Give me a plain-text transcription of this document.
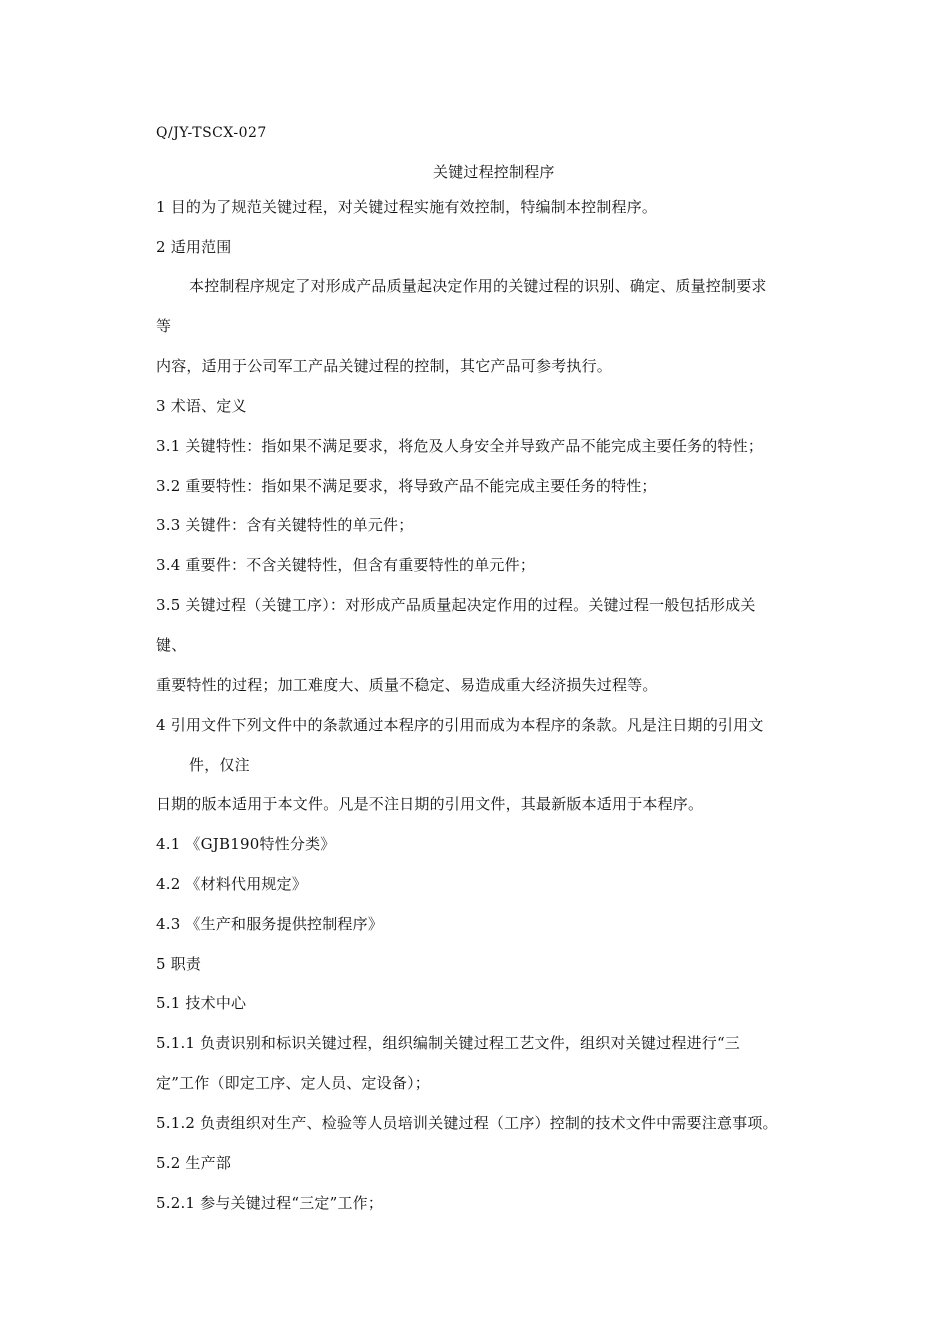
Q/JY-TSCX-027
关键过程控制程序
1 目的为了规范关键过程，对关键过程实施有效控制，特编制本控制程序。
2 适用范围
本控制程序规定了对形成产品质量起决定作用的关键过程的识别、确定、质量控制要求
等
内容，适用于公司军工产品关键过程的控制，其它产品可参考执行。
3 术语、定义
3.1 关键特性：指如果不满足要求，将危及人身安全并导致产品不能完成主要任务的特性；
3.2 重要特性：指如果不满足要求，将导致产品不能完成主要任务的特性；
3.3 关键件：含有关键特性的单元件；
3.4 重要件：不含关键特性，但含有重要特性的单元件；
3.5 关键过程（关键工序）：对形成产品质量起决定作用的过程。关键过程一般包括形成关
键、
重要特性的过程；加工难度大、质量不稳定、易造成重大经济损失过程等。
4 引用文件下列文件中的条款通过本程序的引用而成为本程序的条款。凡是注日期的引用文
件，仅注
日期的版本适用于本文件。凡是不注日期的引用文件，其最新版本适用于本程序。
4.1 《GJB190特性分类》
4.2 《材料代用规定》
4.3 《生产和服务提供控制程序》
5 职责
5.1 技术中心
5.1.1 负责识别和标识关键过程，组织编制关键过程工艺文件，组织对关键过程进行“三
定”工作（即定工序、定人员、定设备）；
5.1.2 负责组织对生产、检验等人员培训关键过程（工序）控制的技术文件中需要注意事项。
5.2 生产部
5.2.1 参与关键过程“三定”工作；
